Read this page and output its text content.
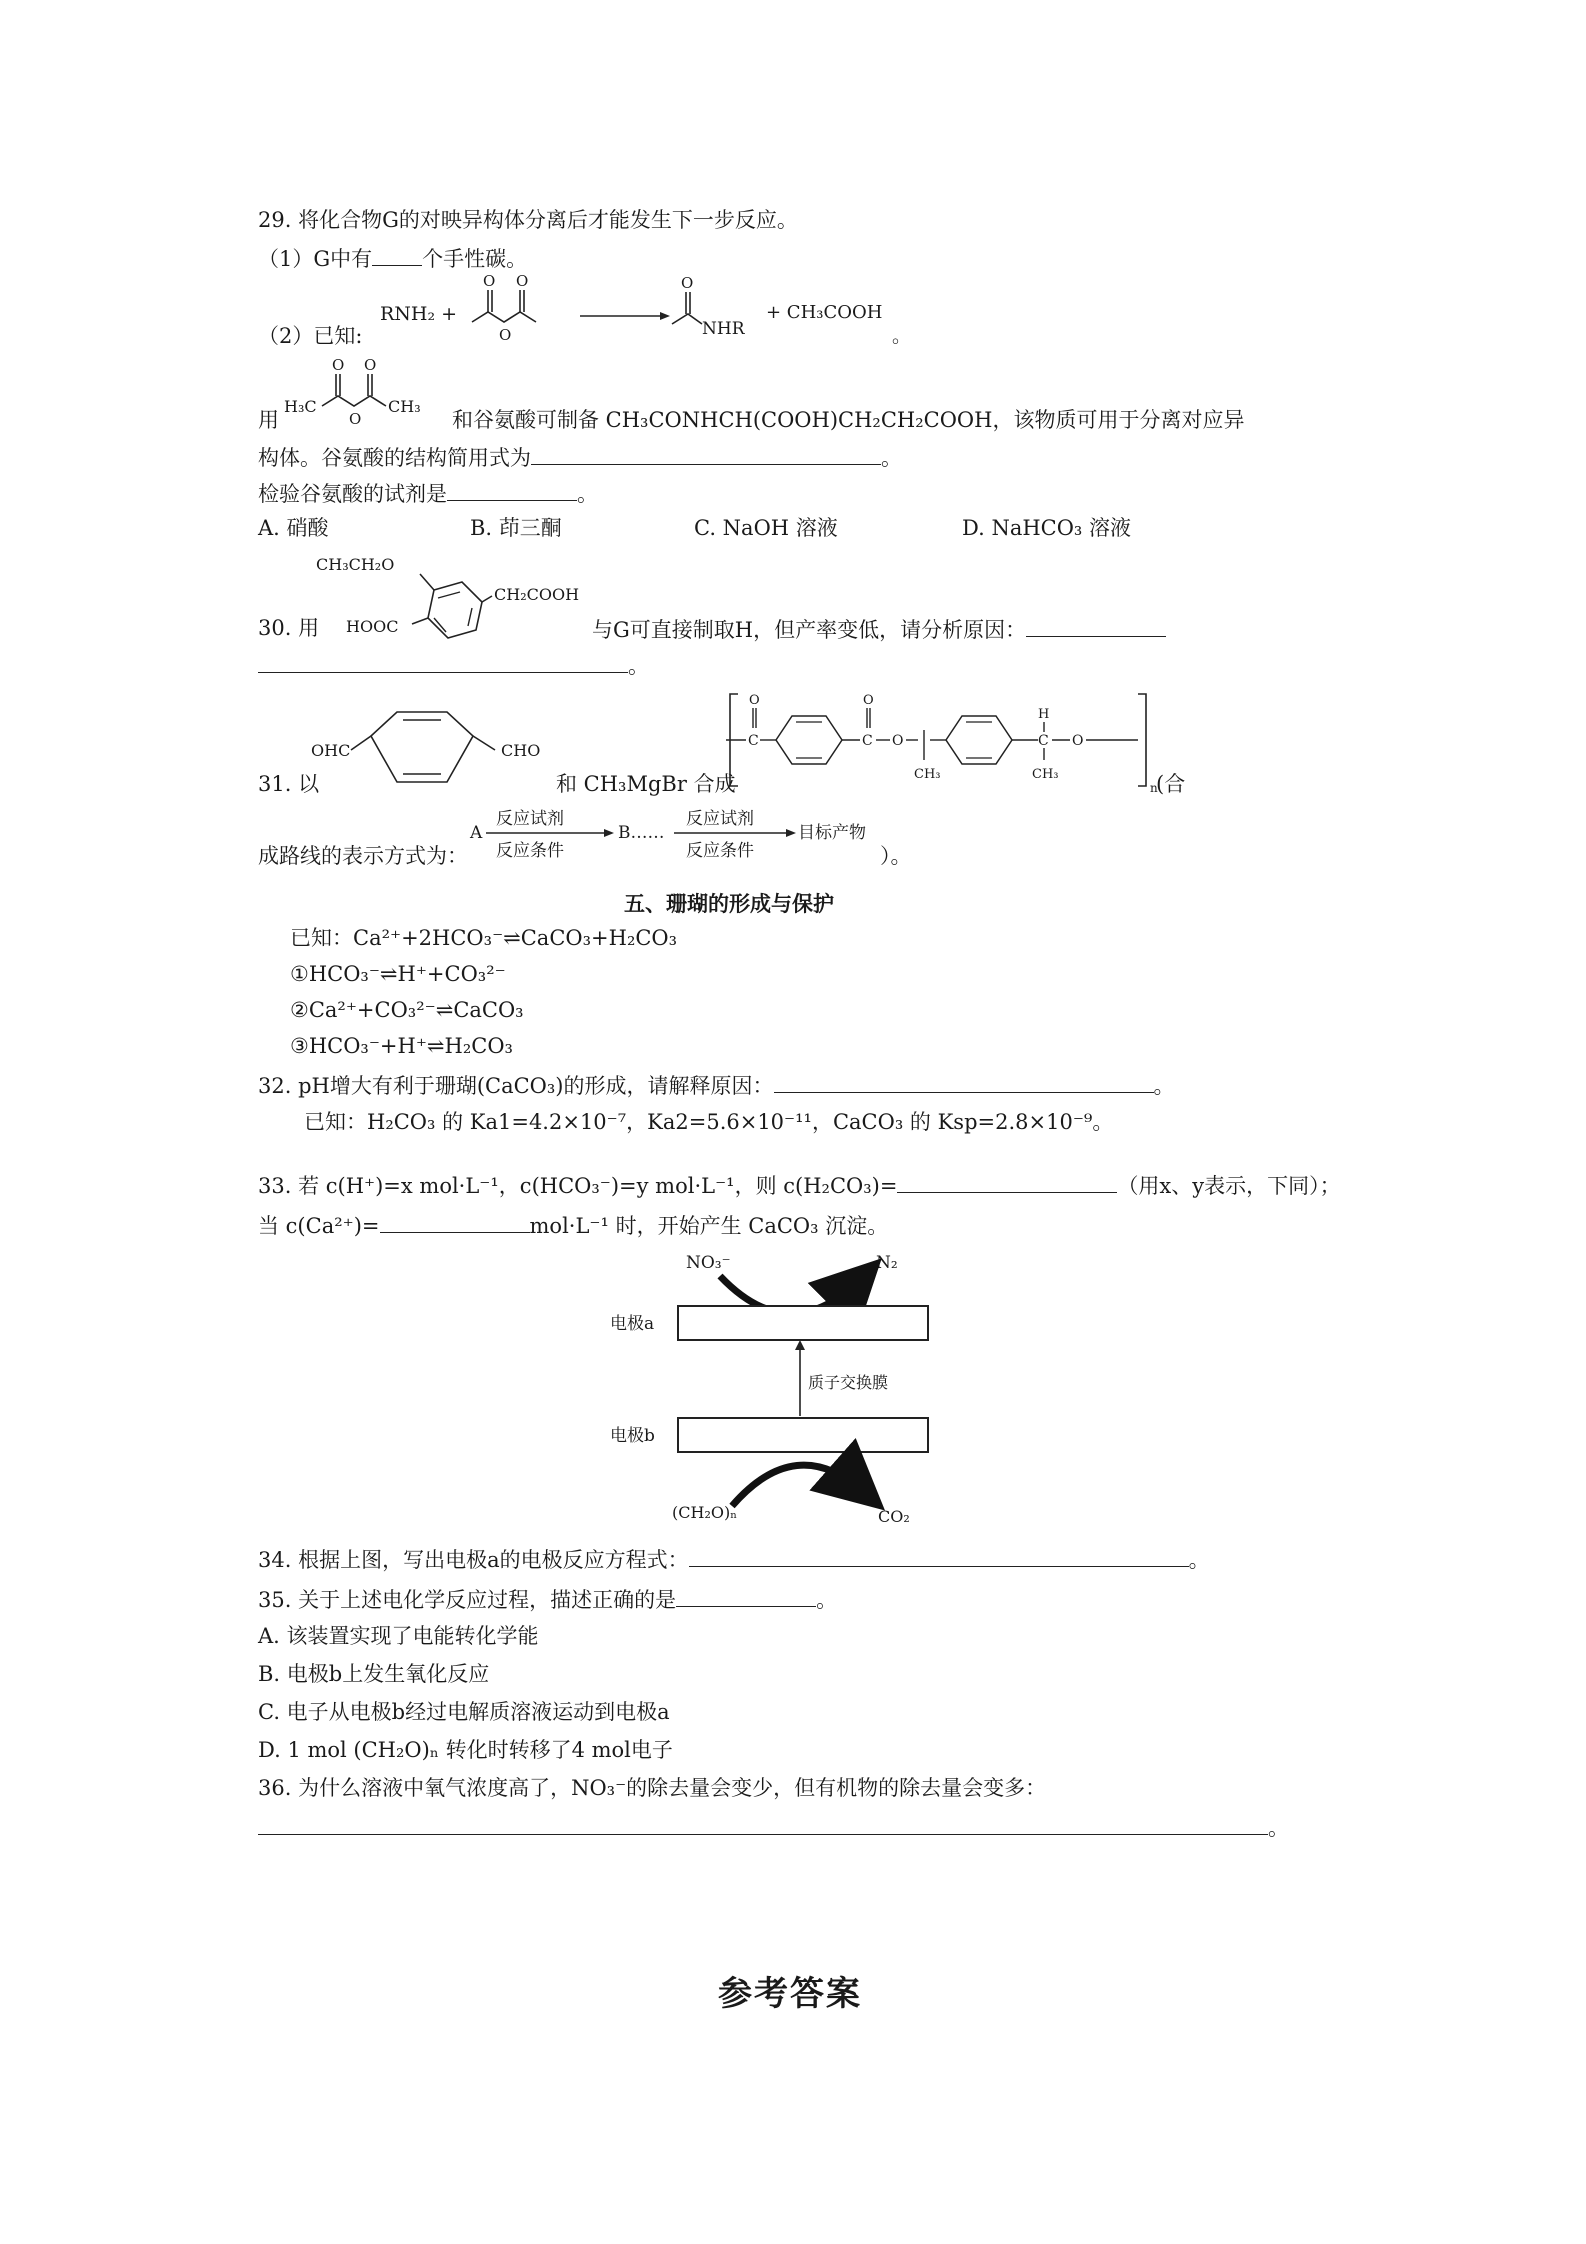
29. 将化合物G的对映异构体分离后才能发生下一步反应。
（1）G中有 个手性碳。
（2）已知:
RNH₂ +
O O
O
O
NHR
+ CH₃COOH
。
用
H₃C
O O
O
CH₃
和谷氨酸可制备 CH₃CONHCH(COOH)CH₂CH₂COOH，该物质可用于分离对应异
构体。谷氨酸的结构简用式为	。
检验谷氨酸的试剂是	。
A. 硝酸	B. 茚三酮	C. NaOH 溶液	D. NaHCO₃ 溶液
30. 用
CH₃CH₂O
CH₂COOH
HOOC	与G可直接制取H，但产率变低，请分析原因：
。
31. 以
OHC	CHO
和 CH₃MgBr 合成	n
C
O
C
O
O
CH₃
H
C
CH₃
O
(合
成路线的表示方式为：
A
反应试剂
反应条件
B……
反应试剂
反应条件
目标产物
）。
五、珊瑚的形成与保护
已知：Ca²⁺+2HCO₃⁻⇌CaCO₃+H₂CO₃
①HCO₃⁻⇌H⁺+CO₃²⁻
②Ca²⁺+CO₃²⁻⇌CaCO₃
③HCO₃⁻+H⁺⇌H₂CO₃
32. pH增大有利于珊瑚(CaCO₃)的形成，请解释原因：	。
已知：H₂CO₃ 的 Ka1=4.2×10⁻⁷，Ka2=5.6×10⁻¹¹，CaCO₃ 的 Ksp=2.8×10⁻⁹。
33. 若 c(H⁺)=x mol·L⁻¹，c(HCO₃⁻)=y mol·L⁻¹，则 c(H₂CO₃)=	（用x、y表示，下同）；
当 c(Ca²⁺)=	mol·L⁻¹ 时，开始产生 CaCO₃ 沉淀。
NO₃⁻	N₂
电极a
质子交换膜
电极b
(CH₂O)ₙ	CO₂
34. 根据上图，写出电极a的电极反应方程式：	。
35. 关于上述电化学反应过程，描述正确的是	。
A. 该装置实现了电能转化学能
B. 电极b上发生氧化反应
C. 电子从电极b经过电解质溶液运动到电极a
D. 1 mol (CH₂O)ₙ 转化时转移了4 mol电子
36. 为什么溶液中氧气浓度高了，NO₃⁻的除去量会变少，但有机物的除去量会变多：
。
参考答案
